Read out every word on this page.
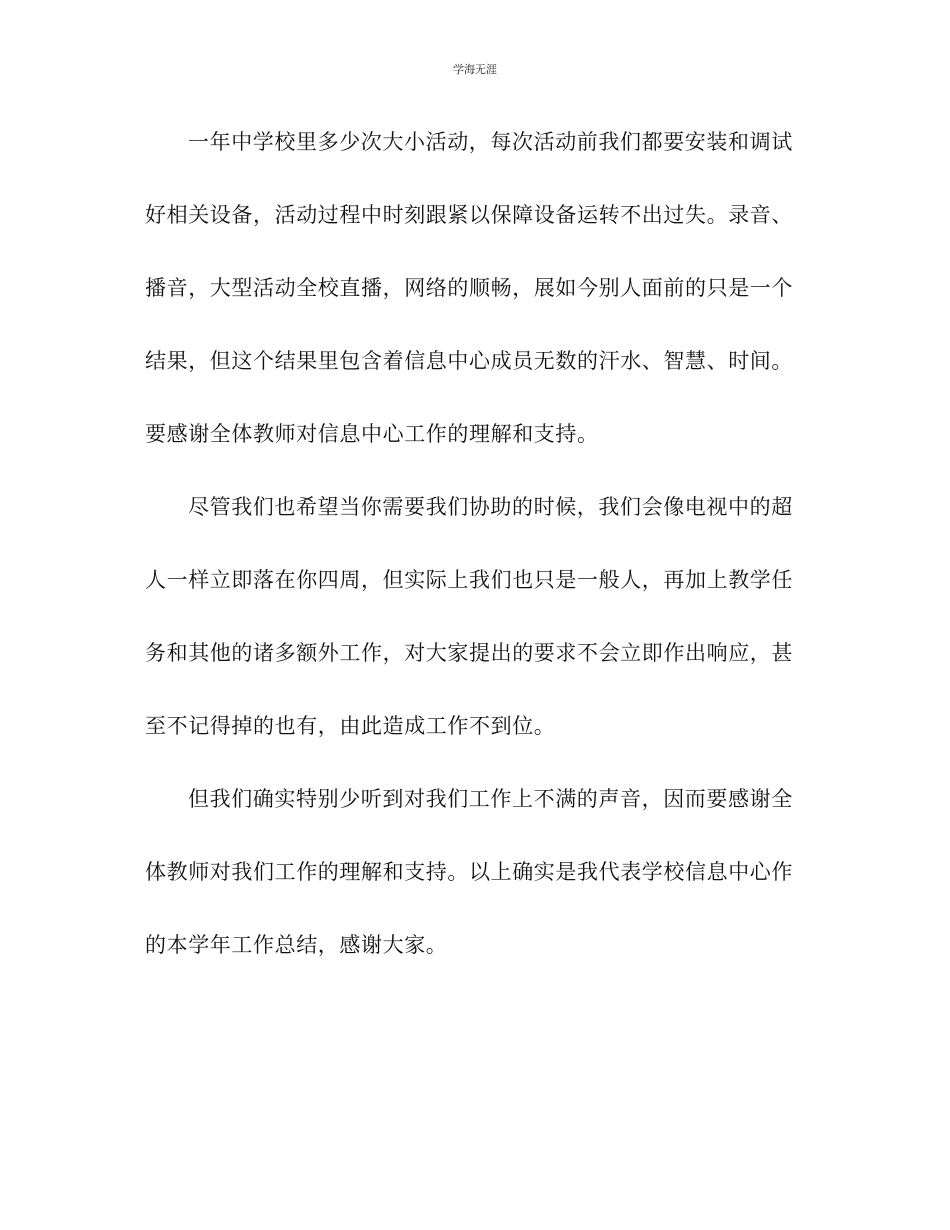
学海无涯
一年中学校里多少次大小活动，每次活动前我们都要安装和调试
好相关设备，活动过程中时刻跟紧以保障设备运转不出过失。录音、
播音，大型活动全校直播，网络的顺畅，展如今别人面前的只是一个
结果，但这个结果里包含着信息中心成员无数的汗水、智慧、时间。
要感谢全体教师对信息中心工作的理解和支持。
尽管我们也希望当你需要我们协助的时候，我们会像电视中的超
人一样立即落在你四周，但实际上我们也只是一般人，再加上教学任
务和其他的诸多额外工作，对大家提出的要求不会立即作出响应，甚
至不记得掉的也有，由此造成工作不到位。
但我们确实特别少听到对我们工作上不满的声音，因而要感谢全
体教师对我们工作的理解和支持。以上确实是我代表学校信息中心作
的本学年工作总结，感谢大家。
